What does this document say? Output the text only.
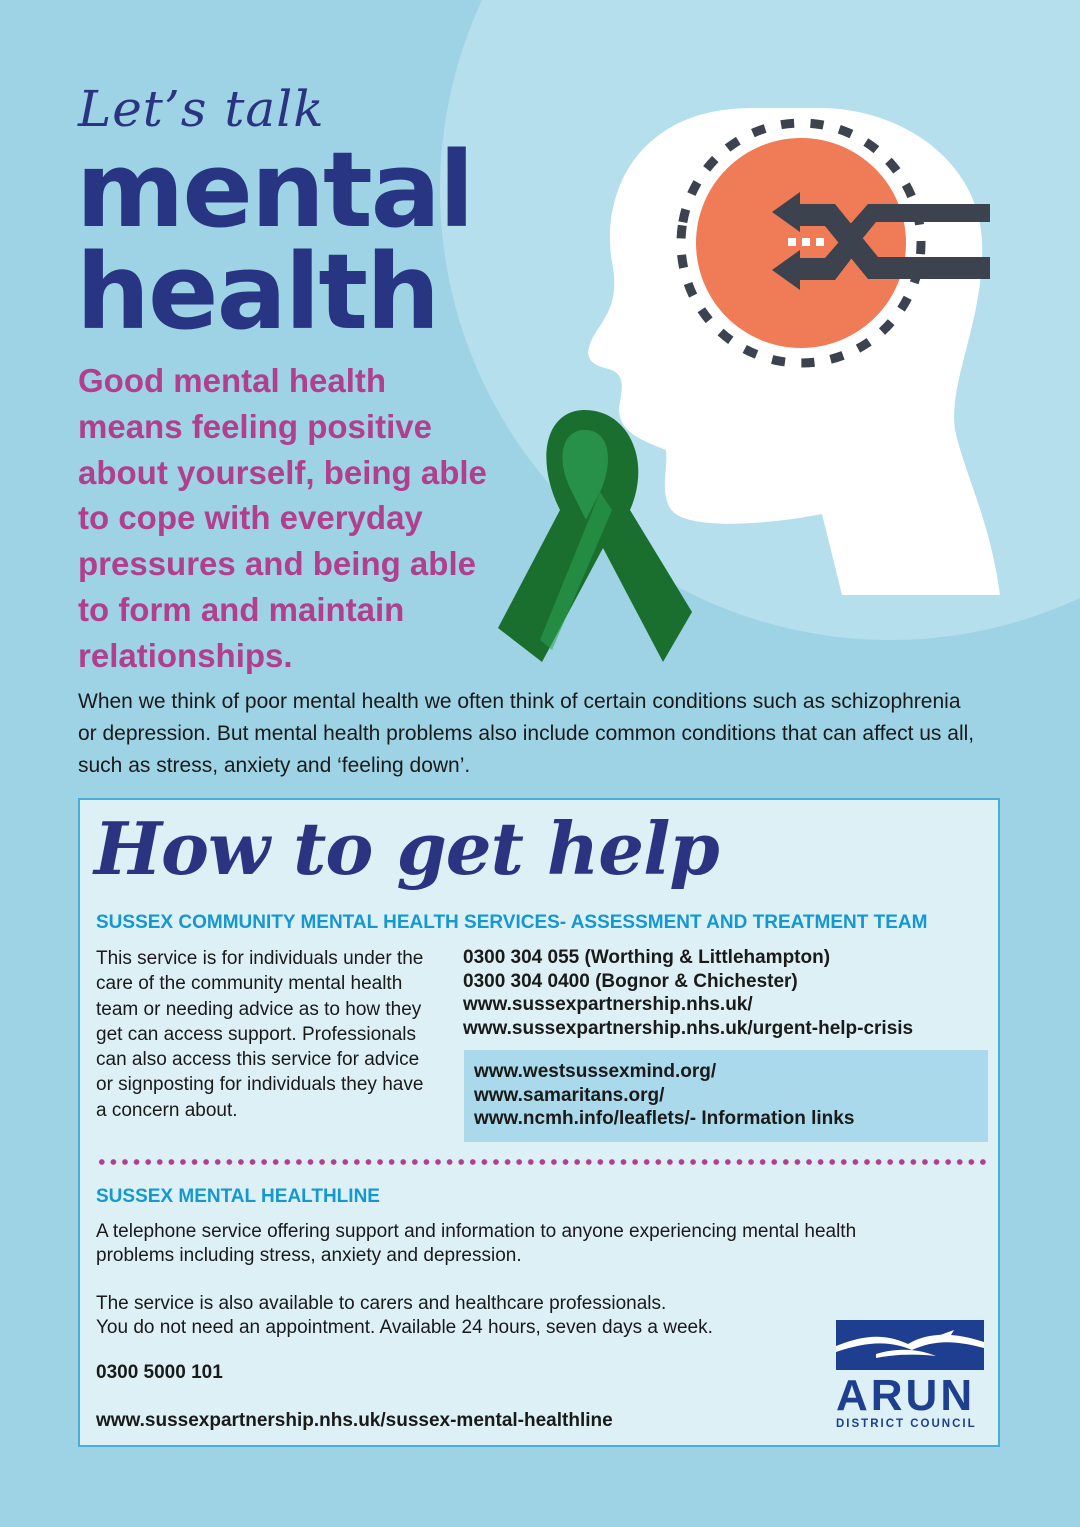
Let’s talk
mental
health
Good mental health means feeling positive about yourself, being able to cope with everyday pressures and being able to form and maintain relationships.
When we think of poor mental health we often think of certain conditions such as schizophrenia or depression. But mental health problems also include common conditions that can affect us all, such as stress, anxiety and ‘feeling down’.
How to get help
SUSSEX COMMUNITY MENTAL HEALTH SERVICES- ASSESSMENT AND TREATMENT TEAM
This service is for individuals under the care of the community mental health team or needing advice as to how they get can access support. Professionals can also access this service for advice or signposting for individuals they have a concern about.
0300 304 055 (Worthing & Littlehampton)
0300 304 0400 (Bognor & Chichester)
www.sussexpartnership.nhs.uk/
www.sussexpartnership.nhs.uk/urgent-help-crisis
www.westsussexmind.org/
www.samaritans.org/
www.ncmh.info/leaflets/- Information links
SUSSEX MENTAL HEALTHLINE
A telephone service offering support and information to anyone experiencing mental health problems including stress, anxiety and depression.
The service is also available to carers and healthcare professionals.
You do not need an appointment. Available 24 hours, seven days a week.
0300 5000 101
www.sussexpartnership.nhs.uk/sussex-mental-healthline
ARUN
DISTRICT COUNCIL
